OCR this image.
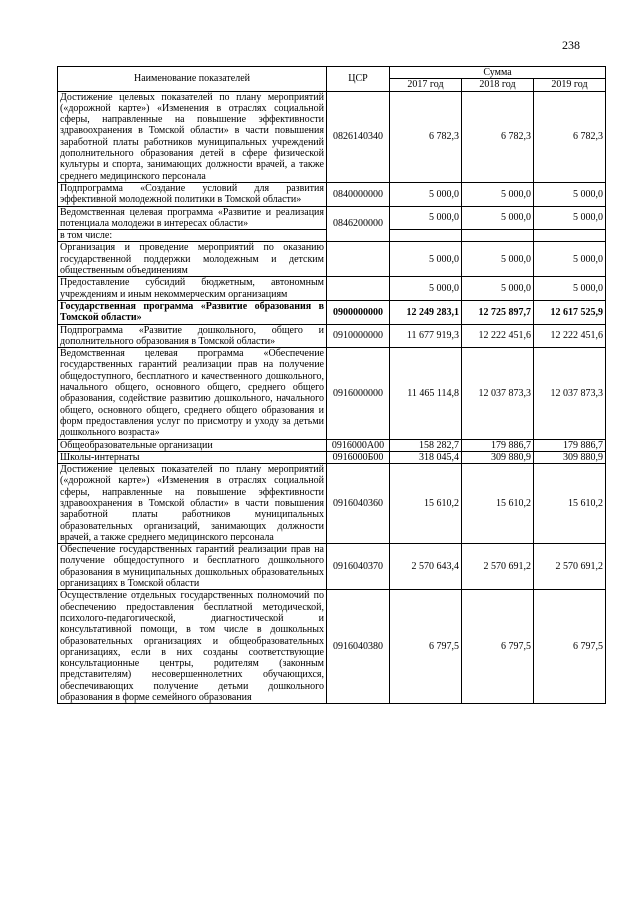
238
Наименование показателей	ЦСР	Сумма		
		2017 год	2018 год	2019 год
Достижение целевых показателей по плану мероприятий («дорожной карте») «Изменения в отраслях социальной сферы, направленные на повышение эффективности здравоохранения в Томской области» в части повышения заработной платы работников муниципальных учреждений дополнительного образования детей в сфере физической культуры и спорта, занимающих должности врачей, а также среднего медицинского персонала	0826140340	6 782,3	6 782,3	6 782,3
Подпрограмма «Создание условий для развития эффективной молодежной политики в Томской области»	0840000000	5 000,0	5 000,0	5 000,0
Ведомственная целевая программа «Развитие и реализация потенциала молодежи в интересах области»	0846200000	5 000,0	5 000,0	5 000,0
в том числе:				
Организация и проведение мероприятий по оказанию государственной поддержки молодежным и детским общественным объединениям		5 000,0	5 000,0	5 000,0
Предоставление субсидий бюджетным, автономным учреждениям и иным некоммерческим организациям		5 000,0	5 000,0	5 000,0
Государственная программа «Развитие образования в Томской области»	0900000000	12 249 283,1	12 725 897,7	12 617 525,9
Подпрограмма «Развитие дошкольного, общего и дополнительного образования в Томской области»	0910000000	11 677 919,3	12 222 451,6	12 222 451,6
Ведомственная целевая программа «Обеспечение государственных гарантий реализации прав на получение общедоступного, бесплатного и качественного дошкольного, начального общего, основного общего, среднего общего образования, содействие развитию дошкольного, начального общего, основного общего, среднего общего образования и форм предоставления услуг по присмотру и уходу за детьми дошкольного возраста»	0916000000	11 465 114,8	12 037 873,3	12 037 873,3
Общеобразовательные организации	0916000А00	158 282,7	179 886,7	179 886,7
Школы-интернаты	0916000Б00	318 045,4	309 880,9	309 880,9
Достижение целевых показателей по плану мероприятий («дорожной карте») «Изменения в отраслях социальной сферы, направленные на повышение эффективности здравоохранения в Томской области» в части повышения заработной платы работников муниципальных образовательных организаций, занимающих должности врачей, а также среднего медицинского персонала	0916040360	15 610,2	15 610,2	15 610,2
Обеспечение государственных гарантий реализации прав на получение общедоступного и бесплатного дошкольного образования в муниципальных дошкольных образовательных организациях в Томской области	0916040370	2 570 643,4	2 570 691,2	2 570 691,2
Осуществление отдельных государственных полномочий по обеспечению предоставления бесплатной методической, психолого-педагогической, диагностической и консультативной помощи, в том числе в дошкольных образовательных организациях и общеобразовательных организациях, если в них созданы соответствующие консультационные центры, родителям (законным представителям) несовершеннолетних обучающихся, обеспечивающих получение детьми дошкольного образования в форме семейного образования	0916040380	6 797,5	6 797,5	6 797,5
